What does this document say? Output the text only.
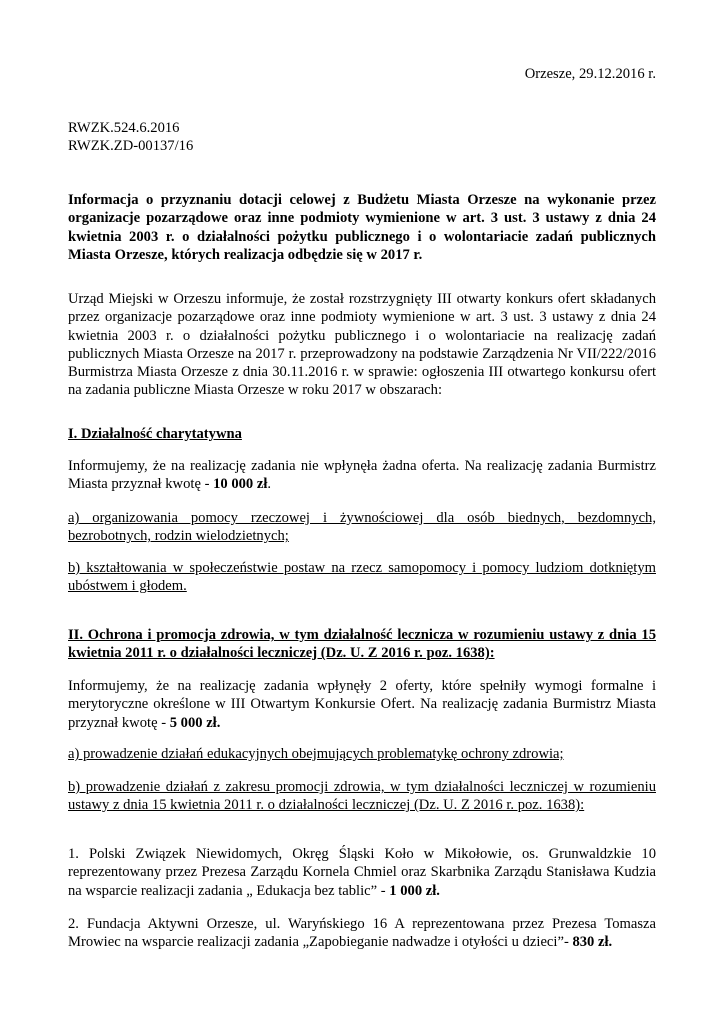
Orzesze, 29.12.2016 r.

RWZK.524.6.2016

RWZK.ZD-00137/16

Informacja o przyznaniu dotacji celowej z Budżetu Miasta Orzesze na wykonanie przez organizacje pozarządowe oraz inne podmioty wymienione w art. 3 ust. 3 ustawy z dnia 24 kwietnia 2003 r. o działalności pożytku publicznego i o wolontariacie zadań publicznych Miasta Orzesze, których realizacja odbędzie się w 2017 r.

Urząd Miejski w Orzeszu informuje, że został rozstrzygnięty III otwarty konkurs ofert składanych przez organizacje pozarządowe oraz inne podmioty wymienione w art. 3 ust. 3 ustawy z dnia 24 kwietnia 2003 r. o działalności pożytku publicznego i o wolontariacie na realizację zadań publicznych Miasta Orzesze na 2017 r. przeprowadzony na podstawie Zarządzenia Nr VII/222/2016 Burmistrza Miasta Orzesze z dnia 30.11.2016 r. w sprawie: ogłoszenia III otwartego konkursu ofert na zadania publiczne Miasta Orzesze w roku 2017 w obszarach:

I. Działalność charytatywna

Informujemy, że na realizację zadania nie wpłynęła żadna oferta. Na realizację zadania Burmistrz Miasta przyznał kwotę - 10 000 zł.

a) organizowania pomocy rzeczowej i żywnościowej dla osób biednych, bezdomnych, bezrobotnych, rodzin wielodzietnych;

b) kształtowania w społeczeństwie postaw na rzecz samopomocy i pomocy ludziom dotkniętym ubóstwem i głodem.

II. Ochrona i promocja zdrowia, w tym działalność lecznicza w rozumieniu ustawy z dnia 15 kwietnia 2011 r. o działalności leczniczej (Dz. U. Z 2016 r. poz. 1638):

Informujemy, że na realizację zadania wpłynęły 2 oferty, które spełniły wymogi formalne i merytoryczne określone w III Otwartym Konkursie Ofert. Na realizację zadania Burmistrz Miasta przyznał kwotę - 5 000 zł.

a) prowadzenie działań edukacyjnych obejmujących problematykę ochrony zdrowia;

b) prowadzenie działań z zakresu promocji zdrowia, w tym działalności leczniczej w rozumieniu ustawy z dnia 15 kwietnia 2011 r. o działalności leczniczej (Dz. U. Z 2016 r. poz. 1638):

1. Polski Związek Niewidomych, Okręg Śląski Koło w Mikołowie, os. Grunwaldzkie 10 reprezentowany przez Prezesa Zarządu Kornela Chmiel oraz Skarbnika Zarządu Stanisława Kudzia na wsparcie realizacji zadania „ Edukacja bez tablic” - 1 000 zł.

2. Fundacja Aktywni Orzesze, ul. Waryńskiego 16 A reprezentowana przez Prezesa Tomasza Mrowiec na wsparcie realizacji zadania „Zapobieganie nadwadze i otyłości u dzieci”- 830 zł.
